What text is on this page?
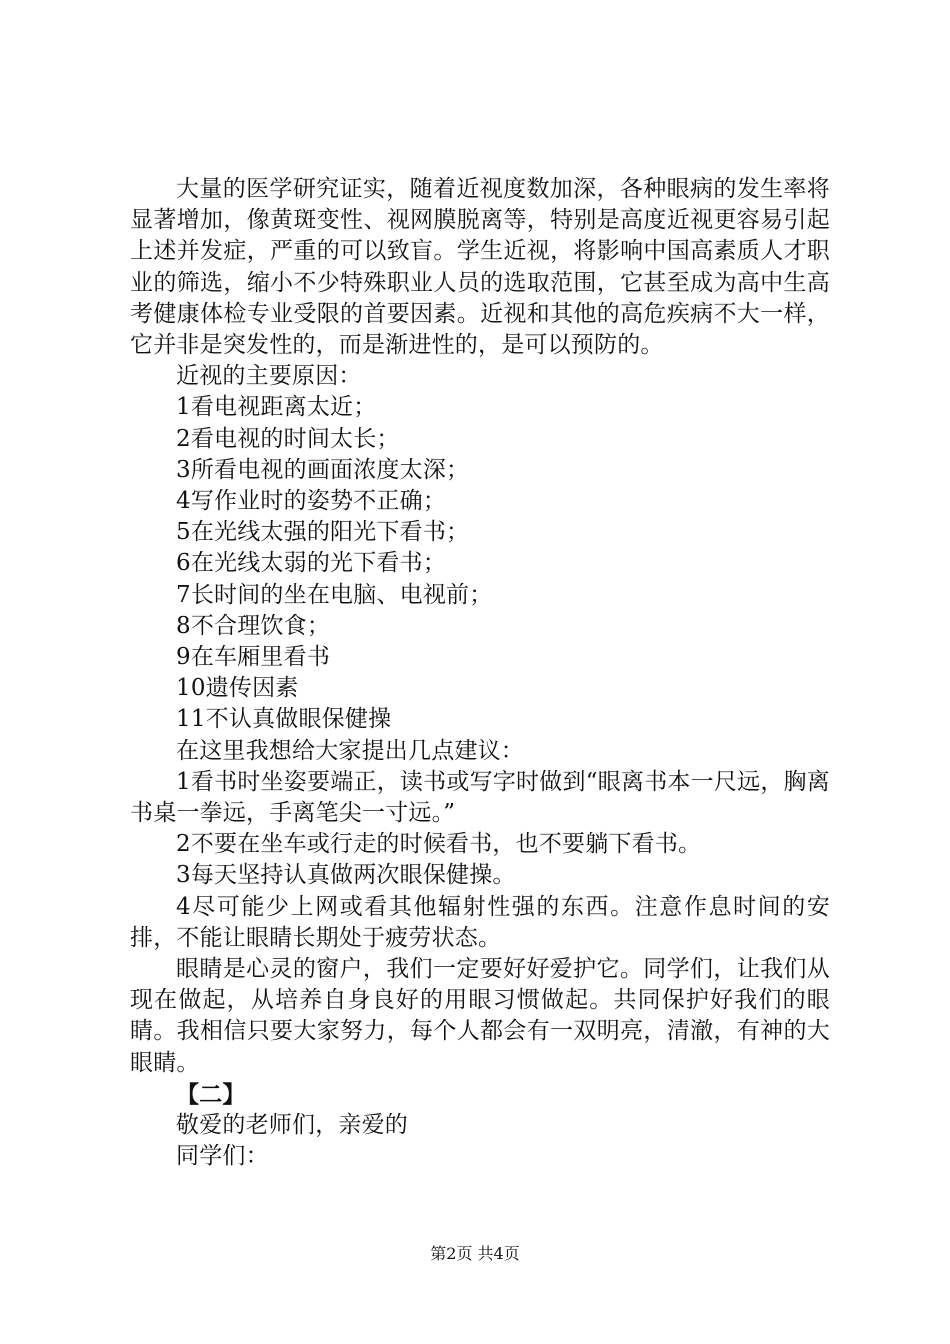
大量的医学研究证实，随着近视度数加深，各种眼病的发生率将显著增加，像黄斑变性、视网膜脱离等，特别是高度近视更容易引起上述并发症，严重的可以致盲。学生近视，将影响中国高素质人才职业的筛选，缩小不少特殊职业人员的选取范围，它甚至成为高中生高考健康体检专业受限的首要因素。近视和其他的高危疾病不大一样，它并非是突发性的，而是渐进性的，是可以预防的。

近视的主要原因：

1看电视距离太近；

2看电视的时间太长；

3所看电视的画面浓度太深；

4写作业时的姿势不正确；

5在光线太强的阳光下看书；

6在光线太弱的光下看书；

7长时间的坐在电脑、电视前；

8不合理饮食；

9在车厢里看书

10遗传因素

11不认真做眼保健操

在这里我想给大家提出几点建议：

1看书时坐姿要端正，读书或写字时做到“眼离书本一尺远，胸离书桌一拳远，手离笔尖一寸远。”

2不要在坐车或行走的时候看书，也不要躺下看书。

3每天坚持认真做两次眼保健操。

4尽可能少上网或看其他辐射性强的东西。注意作息时间的安排，不能让眼睛长期处于疲劳状态。

眼睛是心灵的窗户，我们一定要好好爱护它。同学们，让我们从现在做起，从培养自身良好的用眼习惯做起。共同保护好我们的眼睛。我相信只要大家努力，每个人都会有一双明亮，清澈，有神的大眼睛。

【二】

敬爱的老师们，亲爱的

同学们：

第2页 共4页
